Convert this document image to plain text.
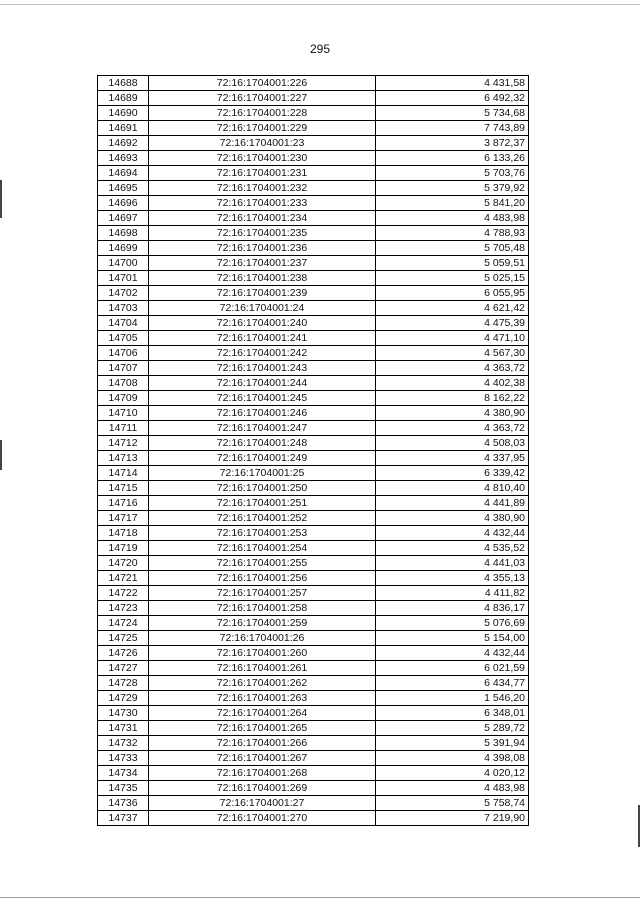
295
14688	72:16:1704001:226	4 431,58
14689	72:16:1704001:227	6 492,32
14690	72:16:1704001:228	5 734,68
14691	72:16:1704001:229	7 743,89
14692	72:16:1704001:23	3 872,37
14693	72:16:1704001:230	6 133,26
14694	72:16:1704001:231	5 703,76
14695	72:16:1704001:232	5 379,92
14696	72:16:1704001:233	5 841,20
14697	72:16:1704001:234	4 483,98
14698	72:16:1704001:235	4 788,93
14699	72:16:1704001:236	5 705,48
14700	72:16:1704001:237	5 059,51
14701	72:16:1704001:238	5 025,15
14702	72:16:1704001:239	6 055,95
14703	72:16:1704001:24	4 621,42
14704	72:16:1704001:240	4 475,39
14705	72:16:1704001:241	4 471,10
14706	72:16:1704001:242	4 567,30
14707	72:16:1704001:243	4 363,72
14708	72:16:1704001:244	4 402,38
14709	72:16:1704001:245	8 162,22
14710	72:16:1704001:246	4 380,90
14711	72:16:1704001:247	4 363,72
14712	72:16:1704001:248	4 508,03
14713	72:16:1704001:249	4 337,95
14714	72:16:1704001:25	6 339,42
14715	72:16:1704001:250	4 810,40
14716	72:16:1704001:251	4 441,89
14717	72:16:1704001:252	4 380,90
14718	72:16:1704001:253	4 432,44
14719	72:16:1704001:254	4 535,52
14720	72:16:1704001:255	4 441,03
14721	72:16:1704001:256	4 355,13
14722	72:16:1704001:257	4 411,82
14723	72:16:1704001:258	4 836,17
14724	72:16:1704001:259	5 076,69
14725	72:16:1704001:26	5 154,00
14726	72:16:1704001:260	4 432,44
14727	72:16:1704001:261	6 021,59
14728	72:16:1704001:262	6 434,77
14729	72:16:1704001:263	1 546,20
14730	72:16:1704001:264	6 348,01
14731	72:16:1704001:265	5 289,72
14732	72:16:1704001:266	5 391,94
14733	72:16:1704001:267	4 398,08
14734	72:16:1704001:268	4 020,12
14735	72:16:1704001:269	4 483,98
14736	72:16:1704001:27	5 758,74
14737	72:16:1704001:270	7 219,90
